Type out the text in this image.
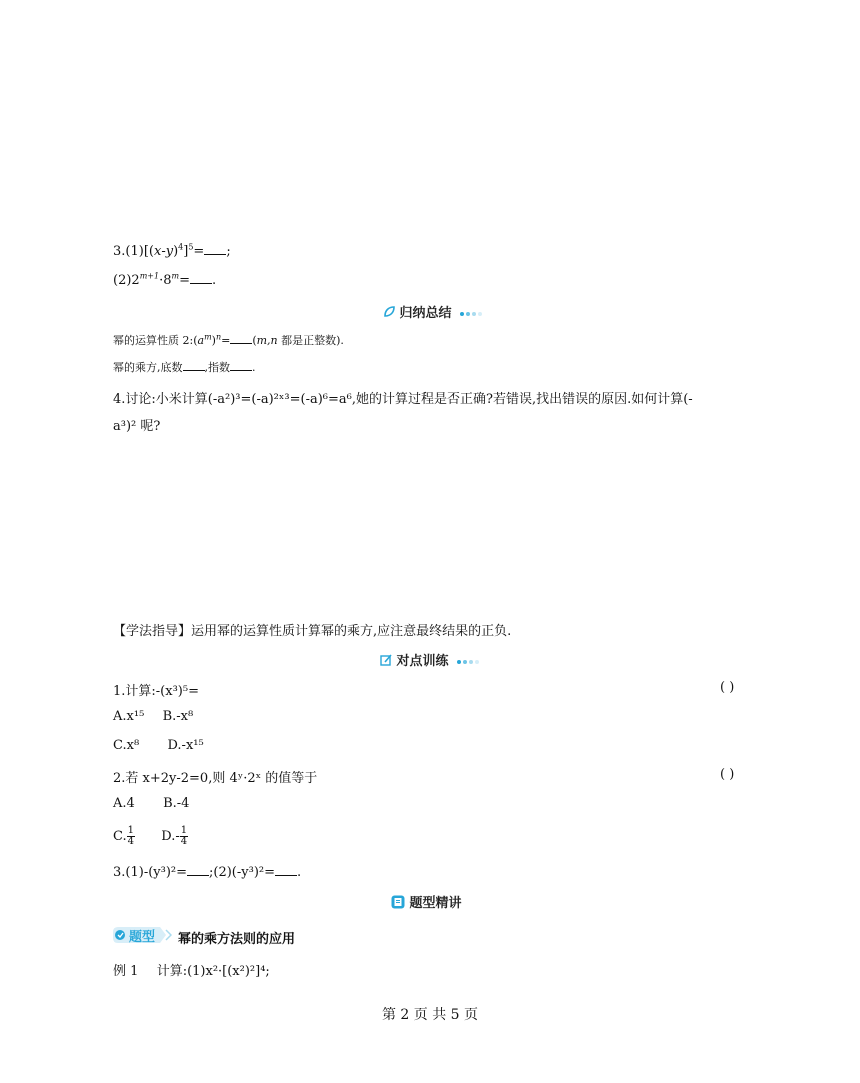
$3.(1)[(x-y)^4]^5=$ ;
$(2)2^{m+1}\cdot 8^m=$ .
归纳总结
幂的运算性质 $2:(a^m)^n= (m,n$ 都是正整数).
幂的乘方,底数 ,指数 .
4.讨论:小米计算(-a²)³=(-a)²ˣ³=(-a)⁶=a⁶,她的计算过程是否正确?若错误,找出错误的原因.如何计算(-
a³)² 呢?
【学法指导】运用幂的运算性质计算幂的乘方,应注意最终结果的正负.
对点训练
1.计算:-(x³)⁵=	( )
A.x¹⁵ B.-x⁸
C.x⁸ D.-x¹⁵
2.若 x+2y-2=0,则 4ʸ·2ˣ 的值等于	( )
A.4 B.-4
C. $\frac{1}{4} D.- \frac{1}{4}$
3.(1)-(y³)²= ;(2)(-y³)²= .
题型精讲
题型 幂的乘方法则的应用
例 1 计算:(1)x²·[(x²)²]⁴;
第 2 页 共 5 页
